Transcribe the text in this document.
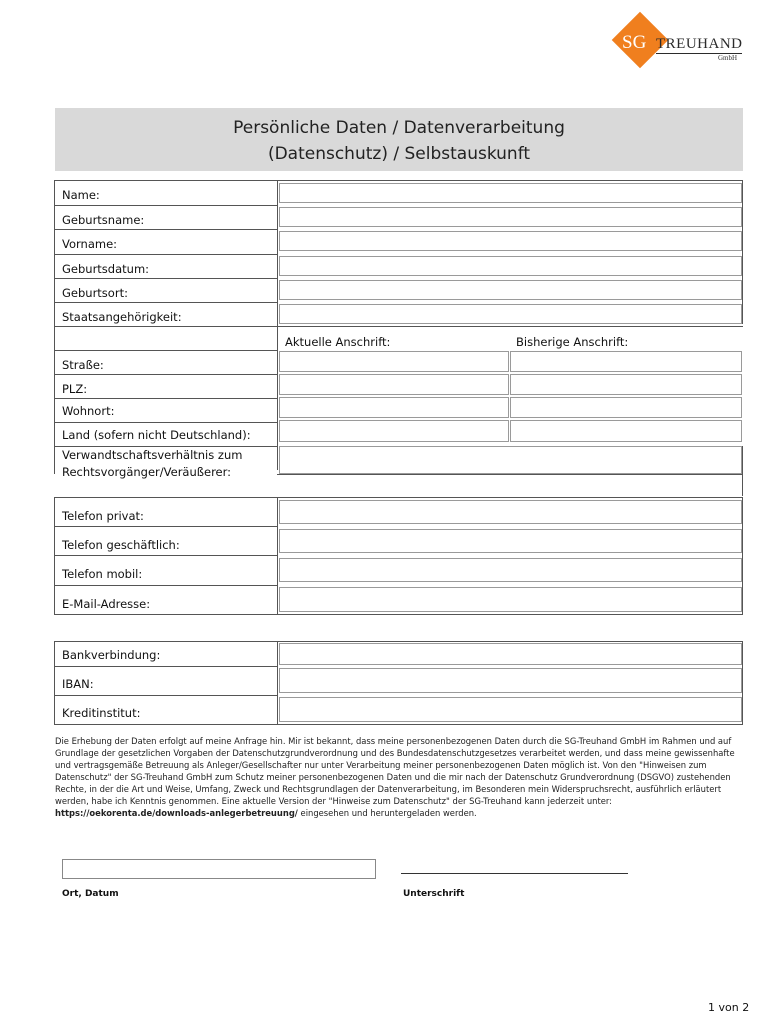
SG TREUHAND
GmbH
Persönliche Daten / Datenverarbeitung
(Datenschutz) / Selbstauskunft
Name:
Geburtsname:
Vorname:
Geburtsdatum:
Geburtsort:
Staatsangehörigkeit:
Aktuelle Anschrift:	Bisherige Anschrift:
Straße:
PLZ:
Wohnort:
Land (sofern nicht Deutschland):
Verwandtschaftsverhältnis zum
Rechtsvorgänger/Veräußerer:
Telefon privat:
Telefon geschäftlich:
Telefon mobil:
E-Mail-Adresse:
Bankverbindung:
IBAN:
Kreditinstitut:
Die Erhebung der Daten erfolgt auf meine Anfrage hin. Mir ist bekannt, dass meine personenbezogenen Daten durch die SG-Treuhand GmbH im Rahmen und auf Grundlage der gesetzlichen Vorgaben der Datenschutzgrundverordnung und des Bundesdatenschutzgesetzes verarbeitet werden, und dass meine gewissenhafte und vertragsgemäße Betreuung als Anleger/Gesellschafter nur unter Verarbeitung meiner personenbezogenen Daten möglich ist. Von den "Hinweisen zum Datenschutz" der SG-Treuhand GmbH zum Schutz meiner personenbezogenen Daten und die mir nach der Datenschutz Grundverordnung (DSGVO) zustehenden Rechte, in der die Art und Weise, Umfang, Zweck und Rechtsgrundlagen der Datenverarbeitung, im Besonderen mein Widerspruchsrecht, ausführlich erläutert werden, habe ich Kenntnis genommen. Eine aktuelle Version der "Hinweise zum Datenschutz" der SG-Treuhand kann jederzeit unter: https://oekorenta.de/downloads-anlegerbetreuung/ eingesehen und heruntergeladen werden.
Ort, Datum	Unterschrift
1 von 2
